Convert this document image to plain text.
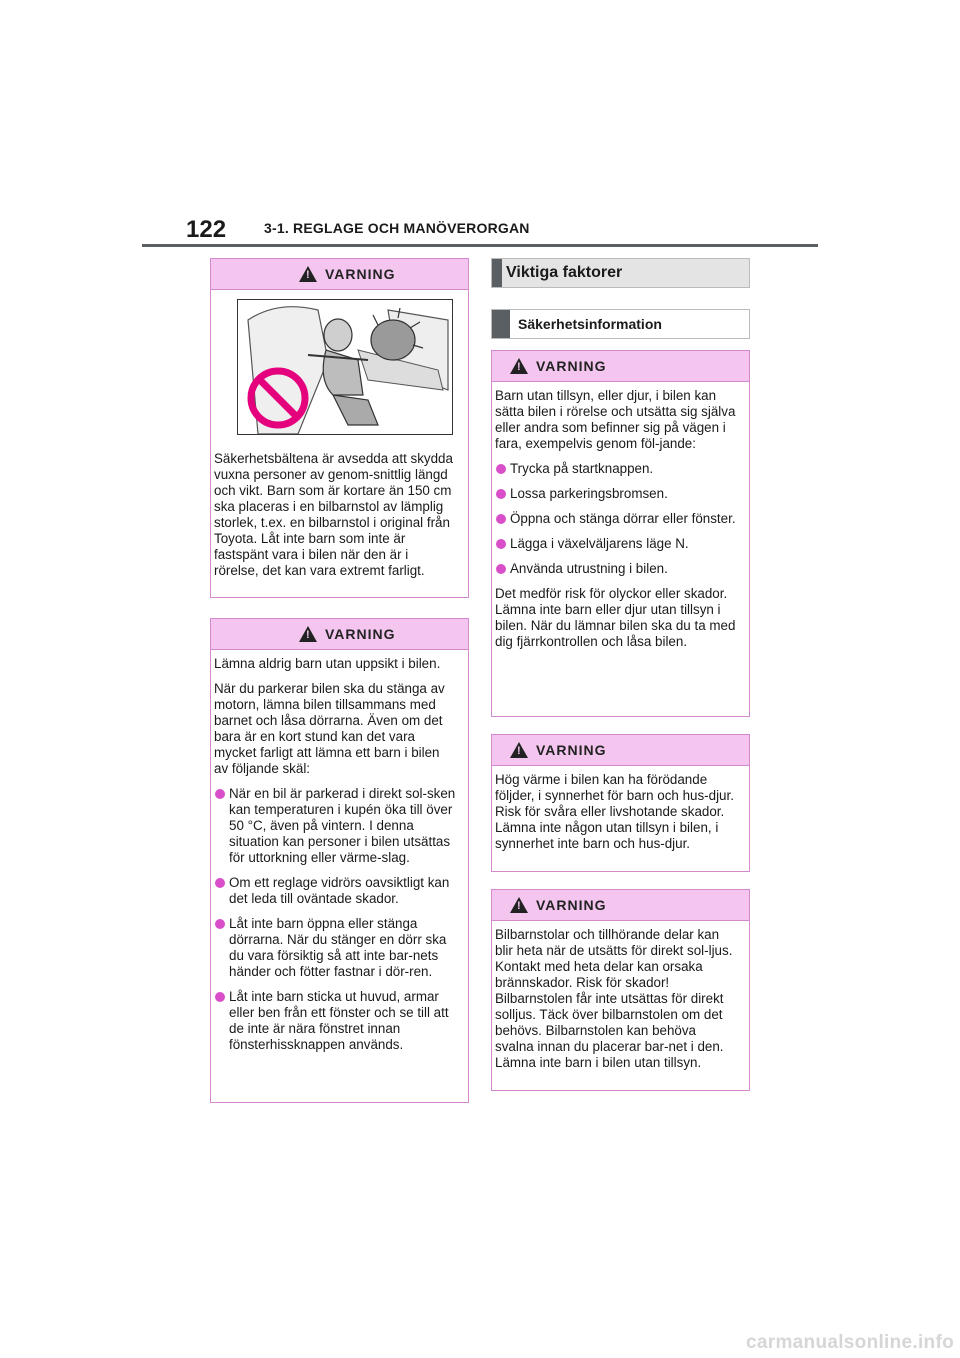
122	3-1. REGLAGE OCH MANÖVERORGAN
!
VARNING

Säkerhetsbältena är avsedda att skydda vuxna personer av genom-snittlig längd och vikt. Barn som är kortare än 150 cm ska placeras i en bilbarnstol av lämplig storlek, t.ex. en bilbarnstol i original från Toyota. Låt inte barn som inte är fastspänt vara i bilen när den är i rörelse, det kan vara extremt farligt.

!
VARNING

Lämna aldrig barn utan uppsikt i bilen.

När du parkerar bilen ska du stänga av motorn, lämna bilen tillsammans med barnet och låsa dörrarna. Även om det bara är en kort stund kan det vara mycket farligt att lämna ett barn i bilen av följande skäl:

När en bil är parkerad i direkt sol-sken kan temperaturen i kupén öka till över 50 °C, även på vintern. I denna situation kan personer i bilen utsättas för uttorkning eller värme-slag.
Om ett reglage vidrörs oavsiktligt kan det leda till oväntade skador.
Låt inte barn öppna eller stänga dörrarna. När du stänger en dörr ska du vara försiktig så att inte bar-nets händer och fötter fastnar i dör-ren.
Låt inte barn sticka ut huvud, armar eller ben från ett fönster och se till att de inte är nära fönstret innan fönsterhissknappen används.
Viktiga faktorer
Säkerhetsinformation
!
VARNING

Barn utan tillsyn, eller djur, i bilen kan sätta bilen i rörelse och utsätta sig själva eller andra som befinner sig på vägen i fara, exempelvis genom föl-jande:

Trycka på startknappen.
Lossa parkeringsbromsen.
Öppna och stänga dörrar eller fönster.
Lägga i växelväljarens läge N.
Använda utrustning i bilen.

Det medför risk för olyckor eller skador. Lämna inte barn eller djur utan tillsyn i bilen. När du lämnar bilen ska du ta med dig fjärrkontrollen och låsa bilen.

!
VARNING

Hög värme i bilen kan ha förödande följder, i synnerhet för barn och hus-djur. Risk för svåra eller livshotande skador. Lämna inte någon utan tillsyn i bilen, i synnerhet inte barn och hus-djur.

!
VARNING

Bilbarnstolar och tillhörande delar kan blir heta när de utsätts för direkt sol-ljus. Kontakt med heta delar kan orsaka brännskador. Risk för skador! Bilbarnstolen får inte utsättas för direkt solljus. Täck över bilbarnstolen om det behövs. Bilbarnstolen kan behöva svalna innan du placerar bar-net i den. Lämna inte barn i bilen utan tillsyn.

carmanualsonline.info
